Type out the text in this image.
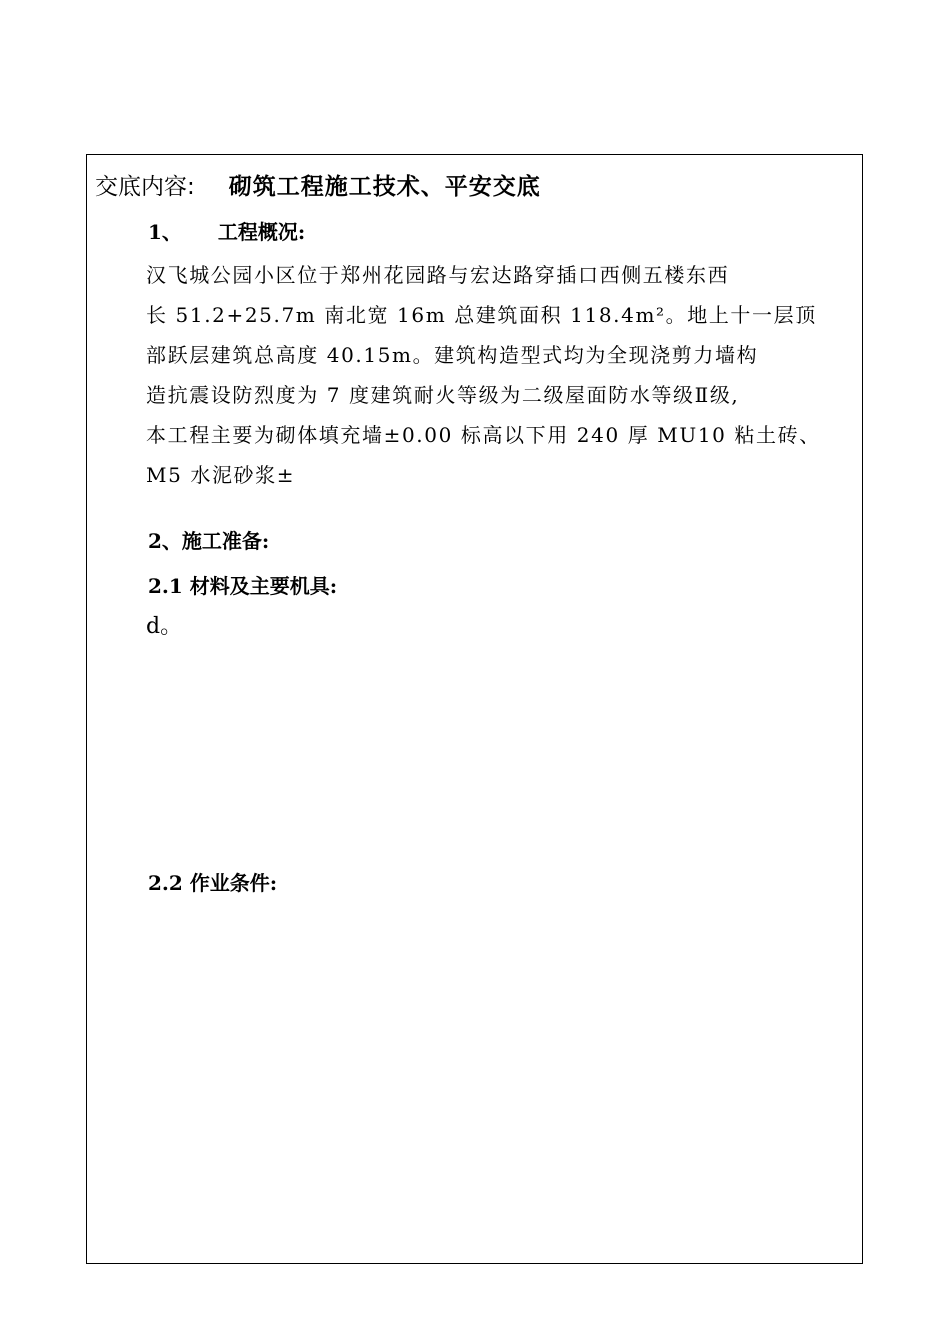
交底内容: 砌筑工程施工技术、平安交底
1、 工程概况:

汉飞城公园小区位于郑州花园路与宏达路穿插口西侧五楼东西

长 51.2+25.7m 南北宽 16m 总建筑面积 118.4m²。地上十一层顶

部跃层建筑总高度 40.15m。建筑构造型式均为全现浇剪力墙构

造抗震设防烈度为 7 度建筑耐火等级为二级屋面防水等级Ⅱ级,

本工程主要为砌体填充墙±0.00 标高以下用 240 厚 MU10 粘土砖、

M5 水泥砂浆±

2、施工准备:
2.1 材料及主要机具:
d。
2.2 作业条件:
